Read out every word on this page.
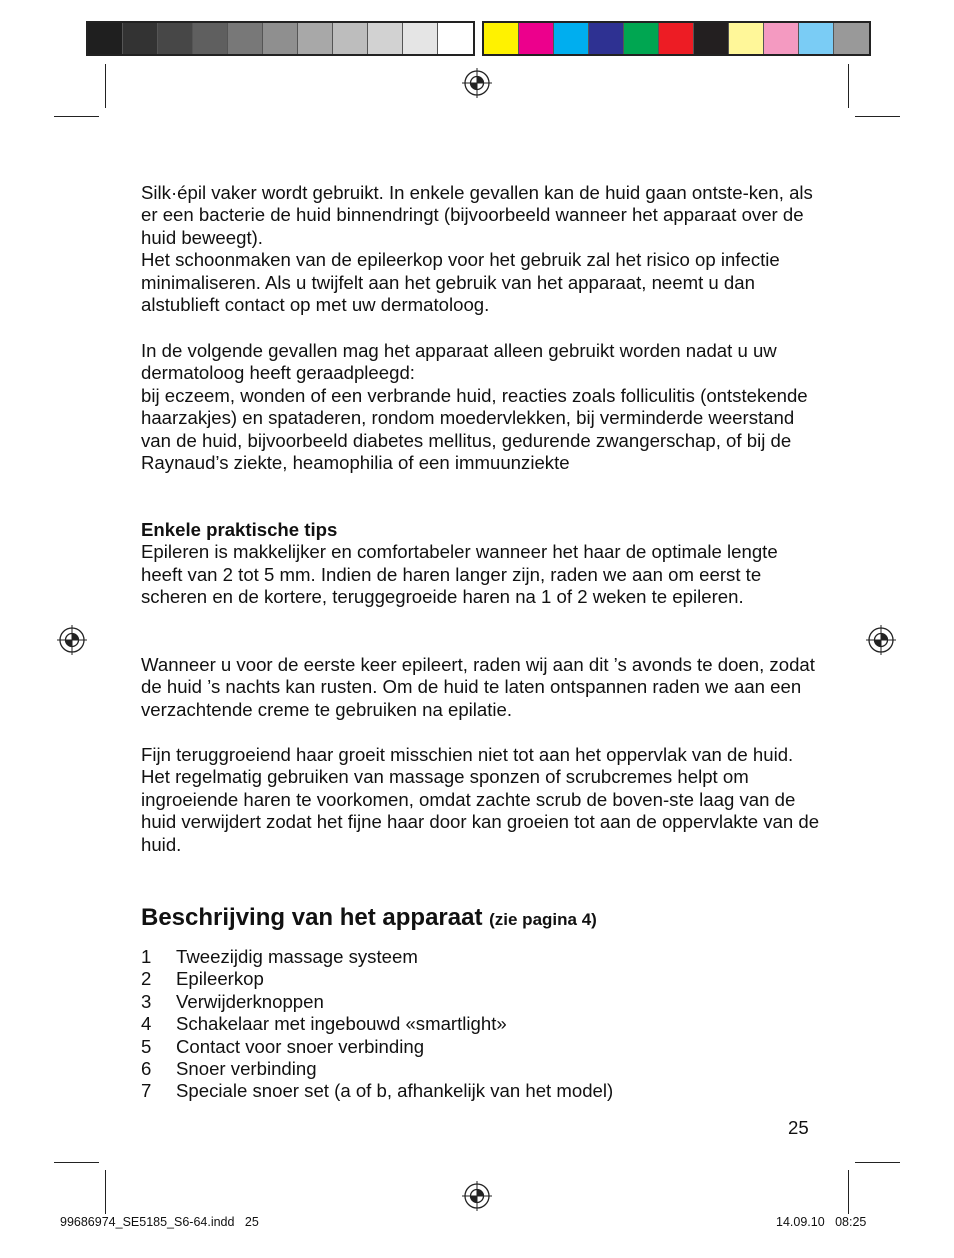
Silk·épil vaker wordt gebruikt. In enkele gevallen kan de huid gaan ontste-ken, als er een bacterie de huid binnendringt (bijvoorbeeld wanneer het apparaat over de huid beweegt).

Het schoonmaken van de epileerkop voor het gebruik zal het risico op infectie minimaliseren. Als u twijfelt aan het gebruik van het apparaat, neemt u dan alstublieft contact op met uw dermatoloog.

In de volgende gevallen mag het apparaat alleen gebruikt worden nadat u uw dermatoloog heeft geraadpleegd:

bij eczeem, wonden of een verbrande huid, reacties zoals folliculitis (ontstekende haarzakjes) en spataderen, rondom moedervlekken, bij verminderde weerstand van de huid, bijvoorbeeld diabetes mellitus, gedurende zwangerschap, of bij de Raynaud’s ziekte, heamophilia of een immuunziekte

Enkele praktische tips

Epileren is makkelijker en comfortabeler wanneer het haar de optimale lengte heeft van 2 tot 5 mm. Indien de haren langer zijn, raden we aan om eerst te scheren en de kortere, teruggegroeide haren na 1 of 2 weken te epileren.

Wanneer u voor de eerste keer epileert, raden wij aan dit ’s avonds te doen, zodat de huid ’s nachts kan rusten. Om de huid te laten ontspannen raden we aan een verzachtende creme te gebruiken na epilatie.

Fijn teruggroeiend haar groeit misschien niet tot aan het oppervlak van de huid. Het regelmatig gebruiken van massage sponzen of scrubcremes helpt om ingroeiende haren te voorkomen, omdat zachte scrub de boven-ste laag van de huid verwijdert zodat het fijne haar door kan groeien tot aan de oppervlakte van de huid.

Beschrijving van het apparaat (zie pagina 4)
1	Tweezijdig massage systeem
2	Epileerkop
3	Verwijderknoppen
4	Schakelaar met ingebouwd «smartlight»
5	Contact voor snoer verbinding
6	Snoer verbinding
7	Speciale snoer set (a of b, afhankelijk van het model)
25
99686974_SE5185_S6-64.indd   25	14.09.10   08:25
